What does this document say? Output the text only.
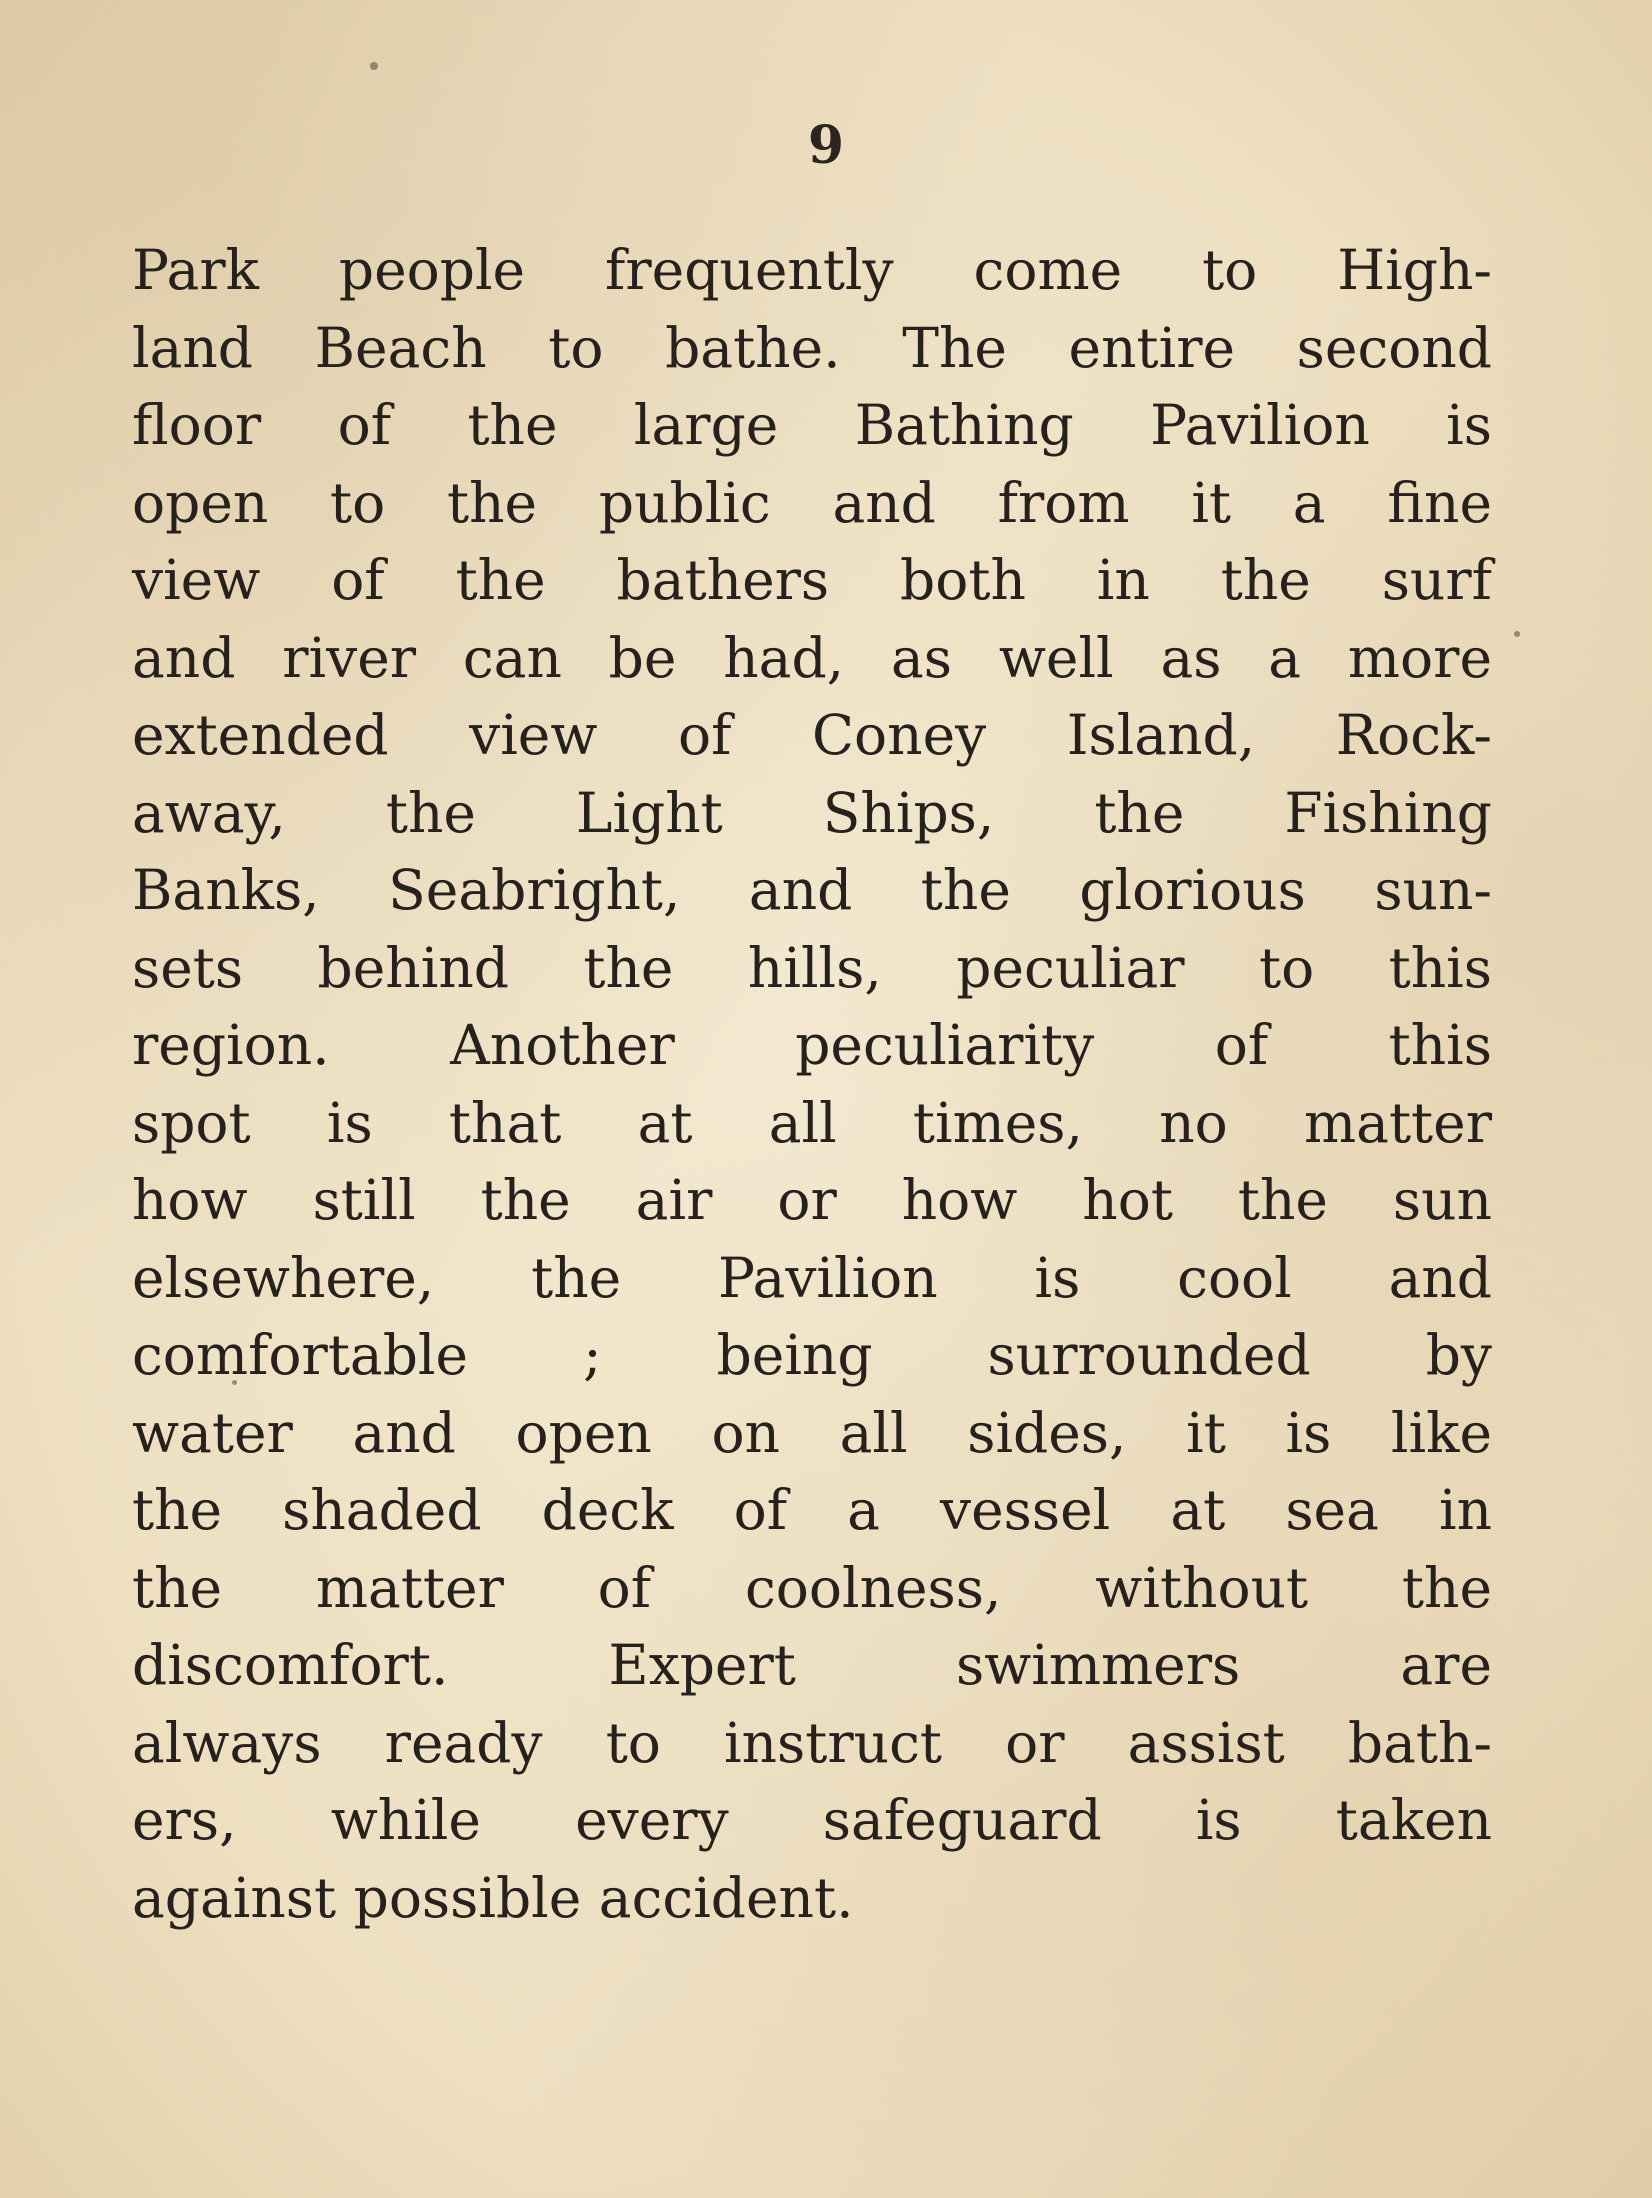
9
Park people frequently come to High-
land Beach to bathe. The entire second
floor of the large Bathing Pavilion is
open to the public and from it a fine
view of the bathers both in the surf
and river can be had, as well as a more
extended view of Coney Island, Rock-
away, the Light Ships, the Fishing
Banks, Seabright, and the glorious sun-
sets behind the hills, peculiar to this
region. Another peculiarity of this
spot is that at all times, no matter
how still the air or how hot the sun
elsewhere, the Pavilion is cool and
comfortable ; being surrounded by
water and open on all sides, it is like
the shaded deck of a vessel at sea in
the matter of coolness, without the
discomfort. Expert swimmers are
always ready to instruct or assist bath-
ers, while every safeguard is taken
against possible accident.
